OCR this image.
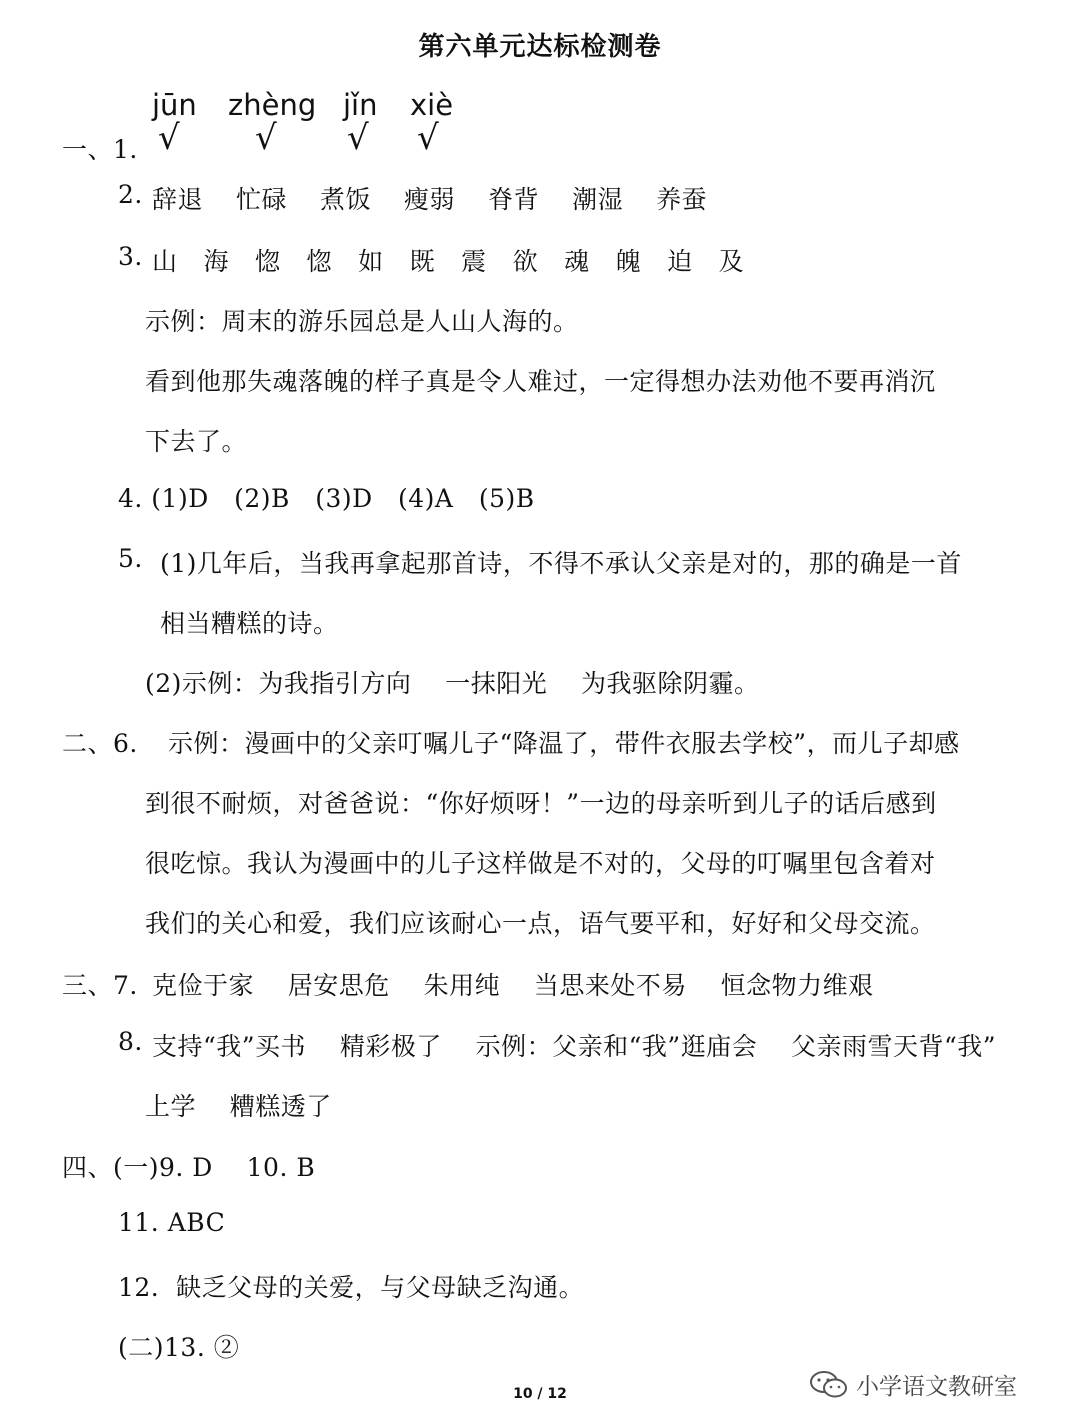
第六单元达标检测卷
jūn zhèng jǐn xiè
√ √ √ √
一、1.
2. 辞退 忙碌 煮饭 瘦弱 脊背 潮湿 养蚕
3. 山 海 惚 惚 如 既 震 欲 魂 魄 迫 及
示例：周末的游乐园总是人山人海的。
看到他那失魂落魄的样子真是令人难过，一定得想办法劝他不要再消沉
下去了。
4. (1)D   (2)B   (3)D   (4)A   (5)B
5. (1)几年后，当我再拿起那首诗，不得不承认父亲是对的，那的确是一首
相当糟糕的诗。
(2)示例：为我指引方向    一抹阳光    为我驱除阴霾。
二、6. 示例：漫画中的父亲叮嘱儿子“降温了，带件衣服去学校”，而儿子却感
到很不耐烦，对爸爸说：“你好烦呀！”一边的母亲听到儿子的话后感到
很吃惊。我认为漫画中的儿子这样做是不对的，父母的叮嘱里包含着对
我们的关心和爱，我们应该耐心一点，语气要平和，好好和父母交流。
三、7. 克俭于家    居安思危    朱用纯    当思来处不易    恒念物力维艰
8. 支持“我”买书    精彩极了    示例：父亲和“我”逛庙会    父亲雨雪天背“我”
上学    糟糕透了
四、(一)9. D    10. B
11. ABC
12.  缺乏父母的关爱，与父母缺乏沟通。
(二)13. ②
10 / 12	小学语文教研室
